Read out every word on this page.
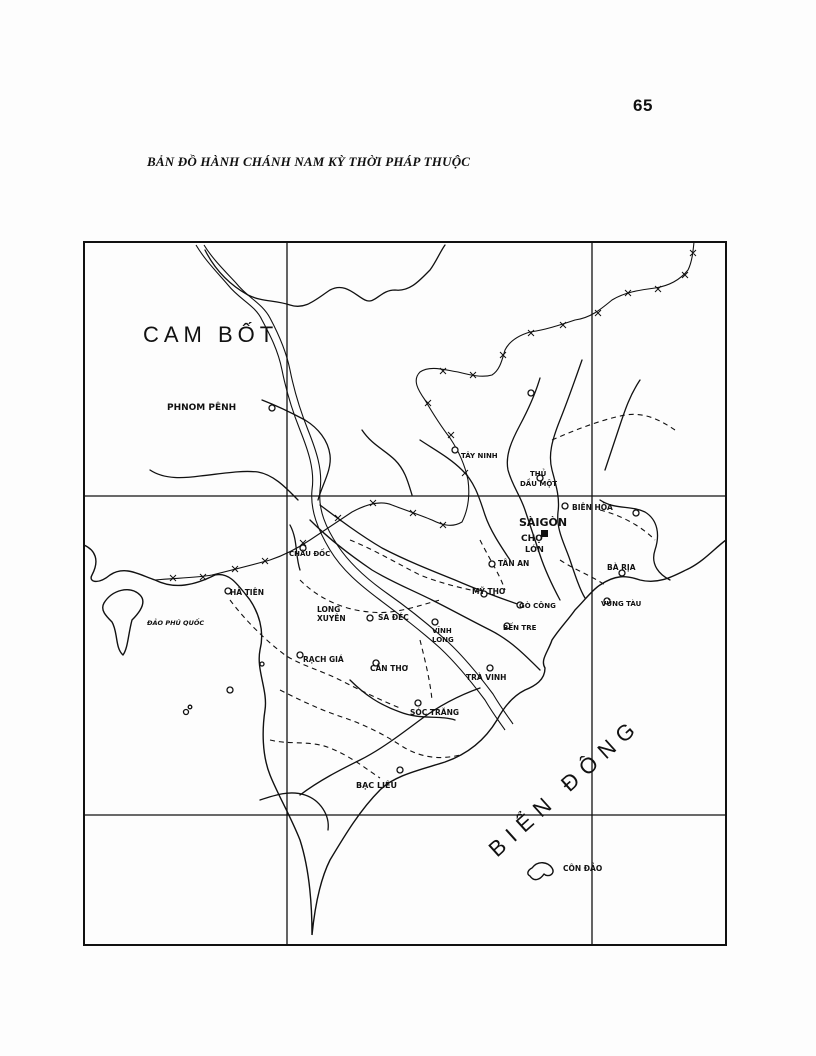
65
BẢN ĐỒ HÀNH CHÁNH NAM KỲ THỜI PHÁP THUỘC
CAM BỐT
BIỂN ĐÔNG
PHNOM PÊNH
CHÂU ĐỐC
HÀ TIÊN
ĐẢO PHÚ QUỐC
LONG
XUYÊN	SA ĐÉC
RẠCH GIÁ
CẦN THƠ
VĨNH
LONG
TRÀ VINH
SÓC TRĂNG
BẠC LIÊU
TÂY NINH
THỦ
DẦU MỘT
BIÊN HÒA
SÀIGÒN
CHỢ
LỚN
TÂN AN
MỸ THO
GÒ CÔNG
BẾN TRE
BÀ RỊA
VŨNG TÀU
CÔN ĐẢO
